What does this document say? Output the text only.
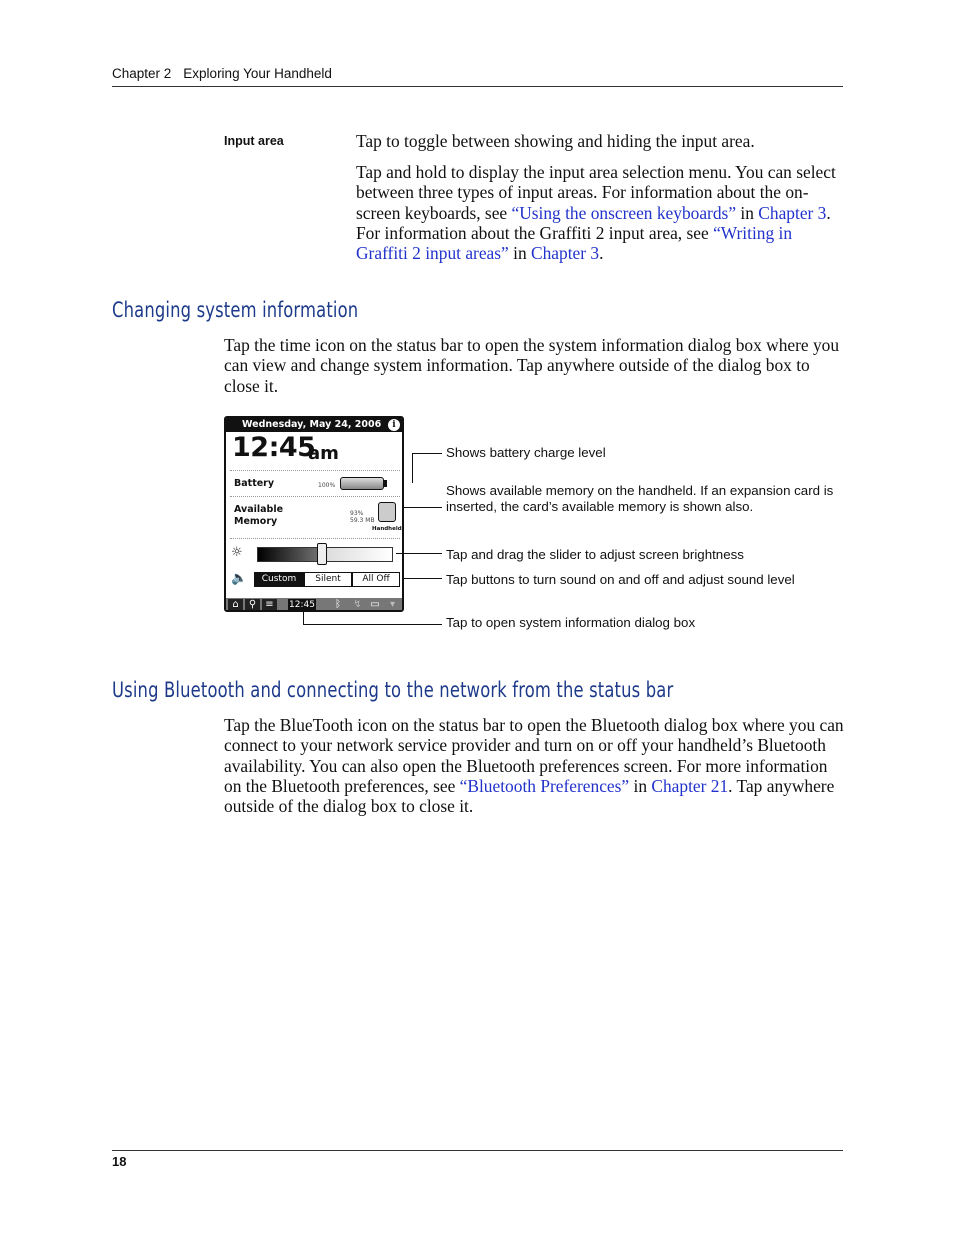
Chapter 2 Exploring Your Handheld
Input area	Tap to toggle between showing and hiding the input area.

Tap and hold to display the input area selection menu. You can select between three types of input areas. For information about the on-screen keyboards, see “Using the onscreen keyboards” in Chapter 3. For information about the Graffiti 2 input area, see “Writing in Graffiti 2 input areas” in Chapter 3.

Changing system information

Tap the time icon on the status bar to open the system information dialog box where you can view and change system information. Tap anywhere outside of the dialog box to close it.

Wednesday, May 24, 2006	i
12:45
am
Battery	100%
Available
Memory
93%
59.3 MB
Handheld
☼
🔈	Custom	Silent	All Off
⌂	⚲ ≡	12:45	ᛒ	↯ ▭	▾

Shows battery charge level

Shows available memory on the handheld. If an expansion card is inserted, the card’s available memory is shown also.

Tap and drag the slider to adjust screen brightness

Tap buttons to turn sound on and off and adjust sound level

Tap to open system information dialog box

Using Bluetooth and connecting to the network from the status bar

Tap the BlueTooth icon on the status bar to open the Bluetooth dialog box where you can connect to your network service provider and turn on or off your handheld’s Bluetooth availability. You can also open the Bluetooth preferences screen. For more information on the Bluetooth preferences, see “Bluetooth Preferences” in Chapter 21. Tap anywhere outside of the dialog box to close it.

18
